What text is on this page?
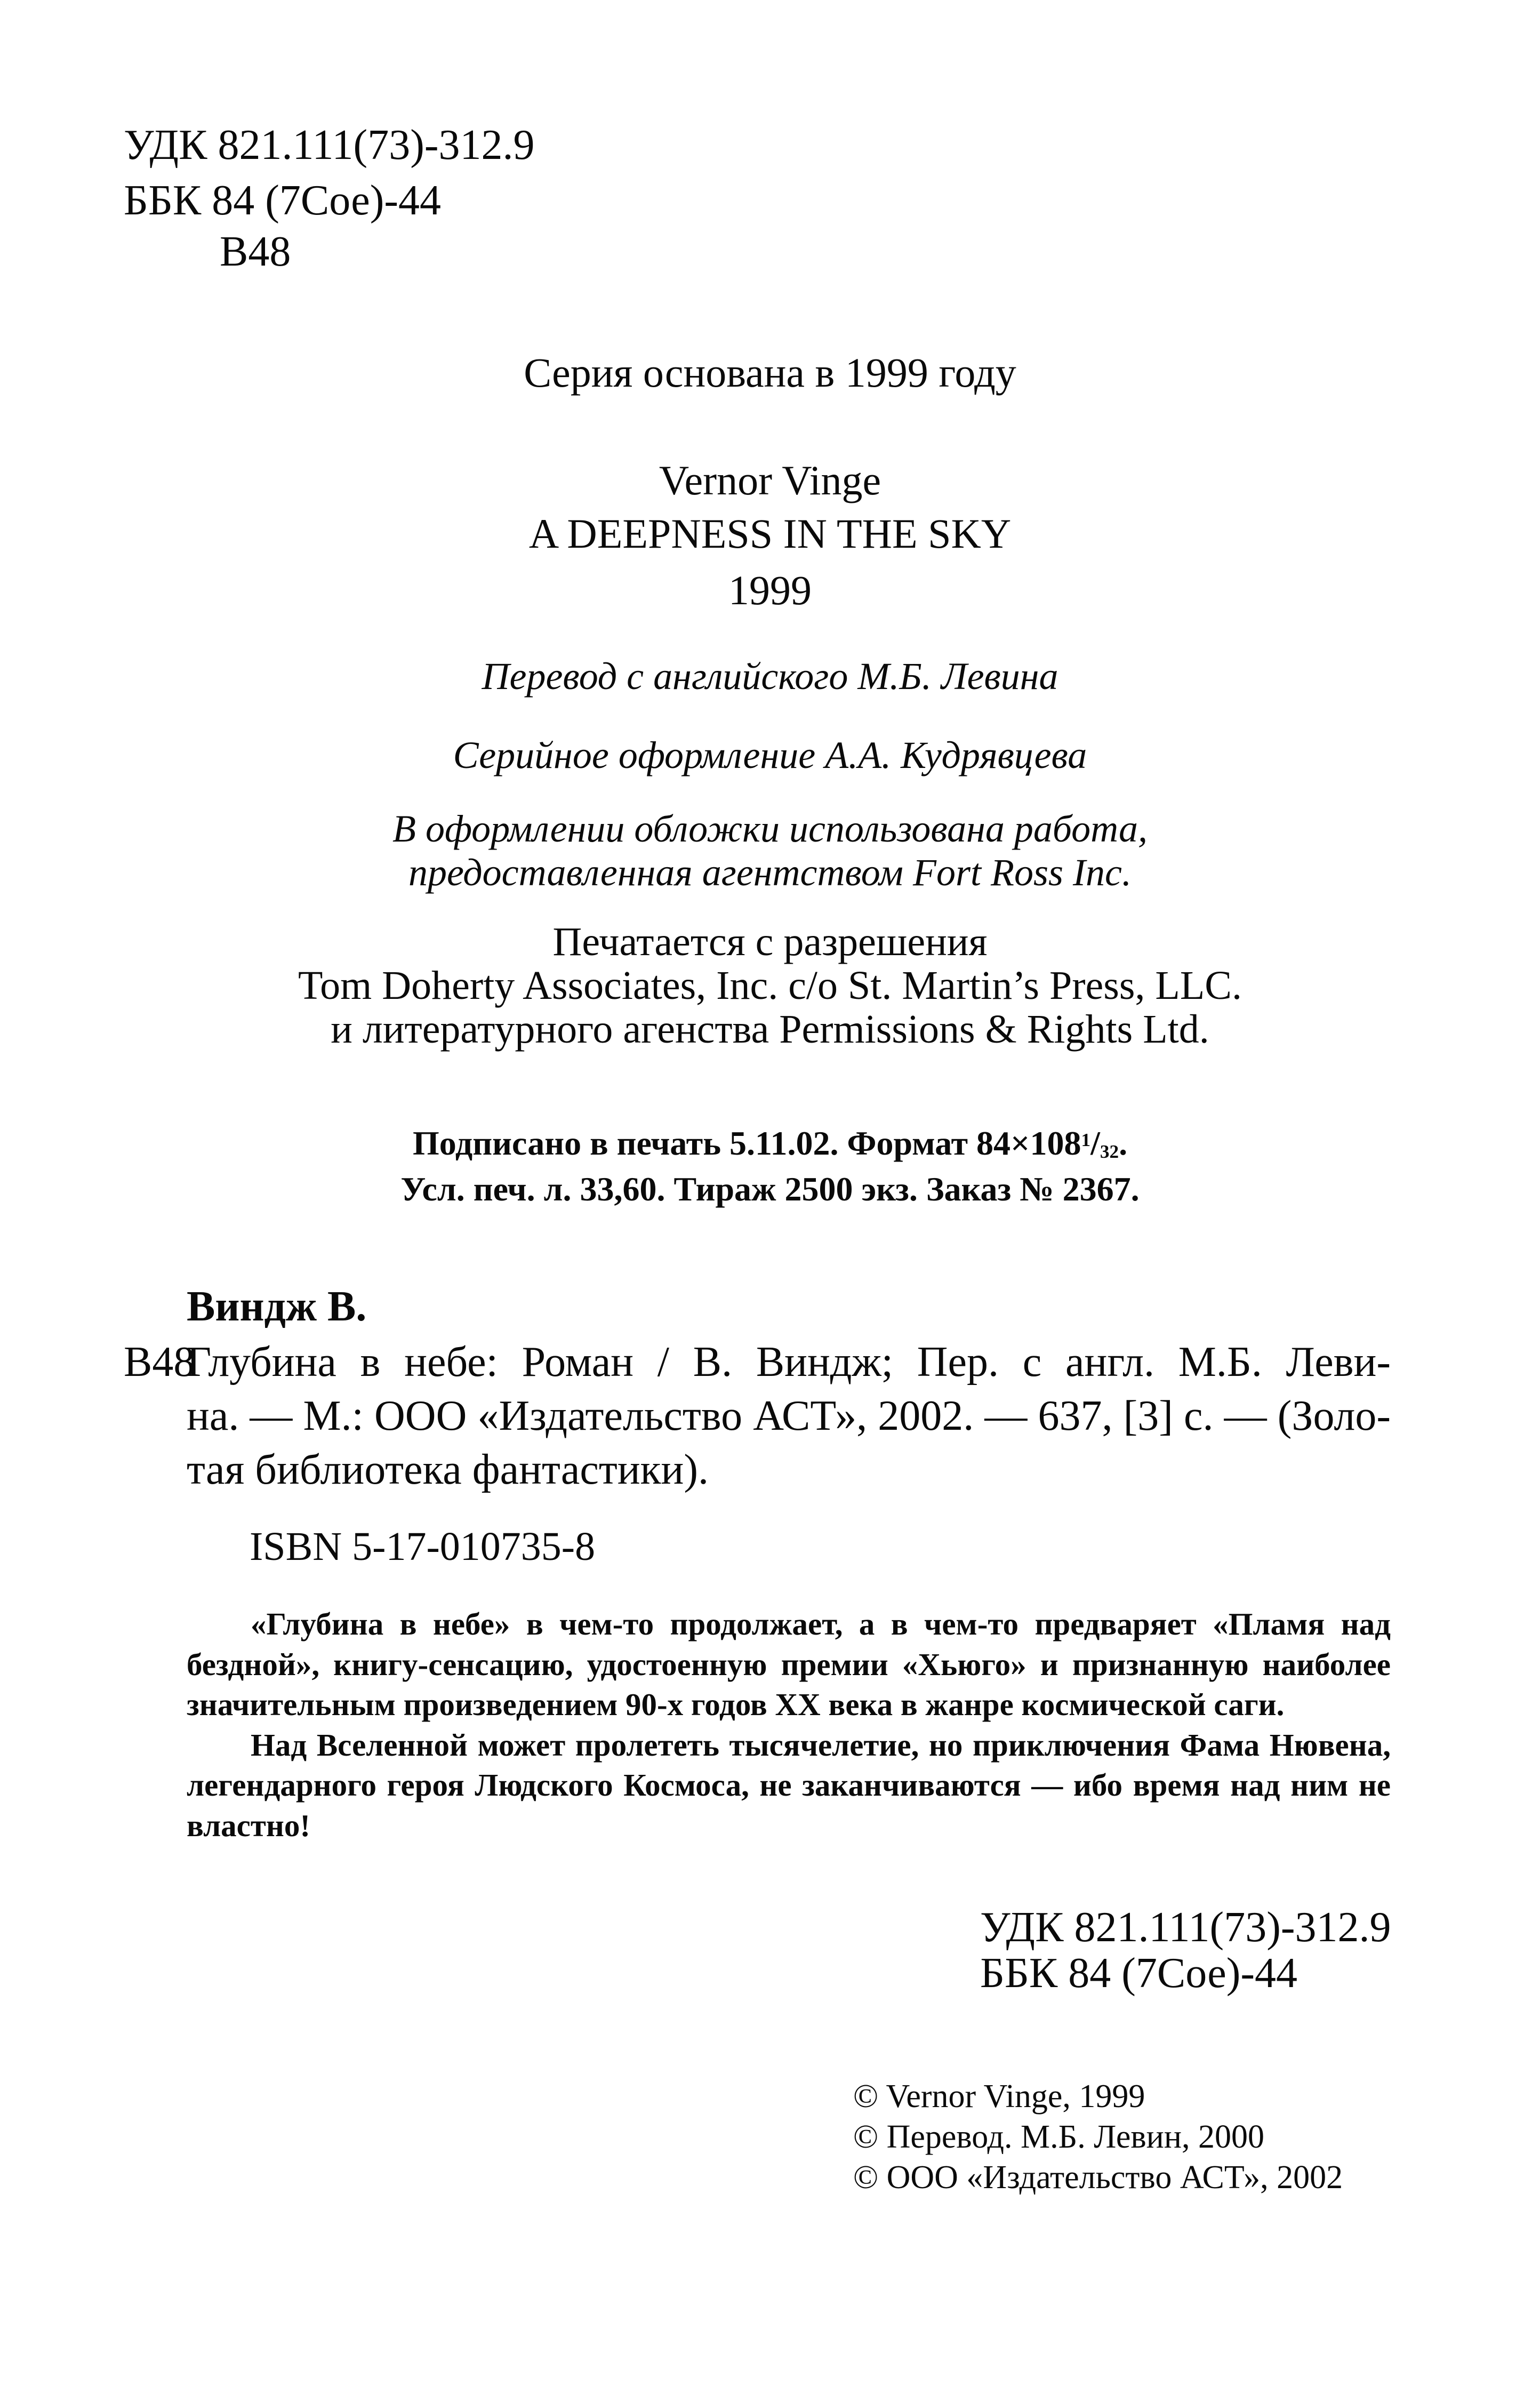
УДК 821.111(73)-312.9
ББК 84 (7Сое)-44
В48
Серия основана в 1999 году
Vernor Vinge
A DEEPNESS IN THE SKY
1999
Перевод с английского М.Б. Левина
Серийное оформление А.А. Кудрявцева
В оформлении обложки использована работа,
предоставленная агентством Fort Ross Inc.
Печатается с разрешения
Tom Doherty Associates, Inc. c/o St. Martin’s Press, LLC.
и литературного агенства Permissions & Rights Ltd.
Подписано в печать 5.11.02. Формат $84\times 108^1/_{32}$.
Усл. печ. л. 33,60. Тираж 2500 экз. Заказ № 2367.
Виндж В.
В48
Глубина в небе: Роман / В. Виндж; Пер. с англ. М.Б. Леви-
на. — М.: ООО «Издательство АСТ», 2002. — 637, [3] с. — (Золо-
тая библиотека фантастики).
ISBN 5-17-010735-8

«Глубина в небе» в чем-то продолжает, а в чем-то предваряет «Пламя над бездной», книгу-сенсацию, удостоенную премии «Хьюго» и признанную наиболее значительным произведением 90-х годов XX века в жанре космической саги.

Над Вселенной может пролететь тысячелетие, но приключения Фама Нювена, легендарного героя Людского Космоса, не заканчиваются — ибо время над ним не властно!

УДК 821.111(73)-312.9
ББК 84 (7Сое)-44
© Vernor Vinge, 1999
© Перевод. М.Б. Левин, 2000
© ООО «Издательство АСТ», 2002
